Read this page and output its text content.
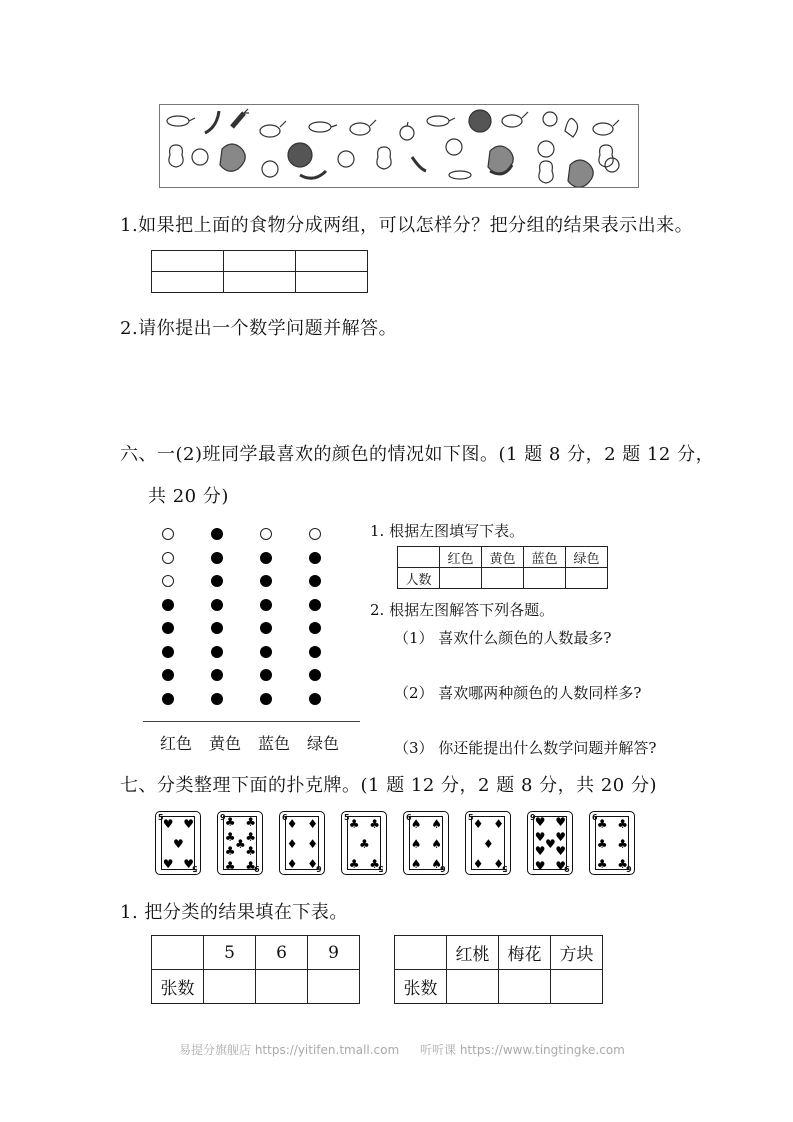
1.如果把上面的食物分成两组，可以怎样分？把分组的结果表示出来。

2.请你提出一个数学问题并解答。
六、一(2)班同学最喜欢的颜色的情况如下图。(1 题 8 分，2 题 12 分，
共 20 分)
红色 黄色 蓝色 绿色
1. 根据左图填写下表。
	红色	黄色	蓝色	绿色
人数				
2. 根据左图解答下列各题。
（1） 喜欢什么颜色的人数最多?
（2） 喜欢哪两种颜色的人数同样多?
（3） 你还能提出什么数学问题并解答?
七、分类整理下面的扑克牌。(1 题 12 分，2 题 8 分，共 20 分)
5
5
♥ ♥
♥
♥ ♥
9
9
♣ ♣
♣ ♣
♣
♣ ♣
♣ ♣
6
6
♦ ♦
♦ ♦
♦ ♦
5
5
♣ ♣
♣
♣ ♣
6
6
♠ ♠
♠ ♠
♠ ♠
5
5
♦ ♦
♦
♦ ♦
9
9
♥ ♥
♥ ♥
♥
♥ ♥
♥ ♥
6
6
♣ ♣
♣ ♣
♣ ♣
1. 把分类的结果填在下表。
	5	6	9
张数			
	红桃	梅花	方块
张数			
易提分旗舰店 https://yitifen.tmall.com 听听课 https://www.tingtingke.com
